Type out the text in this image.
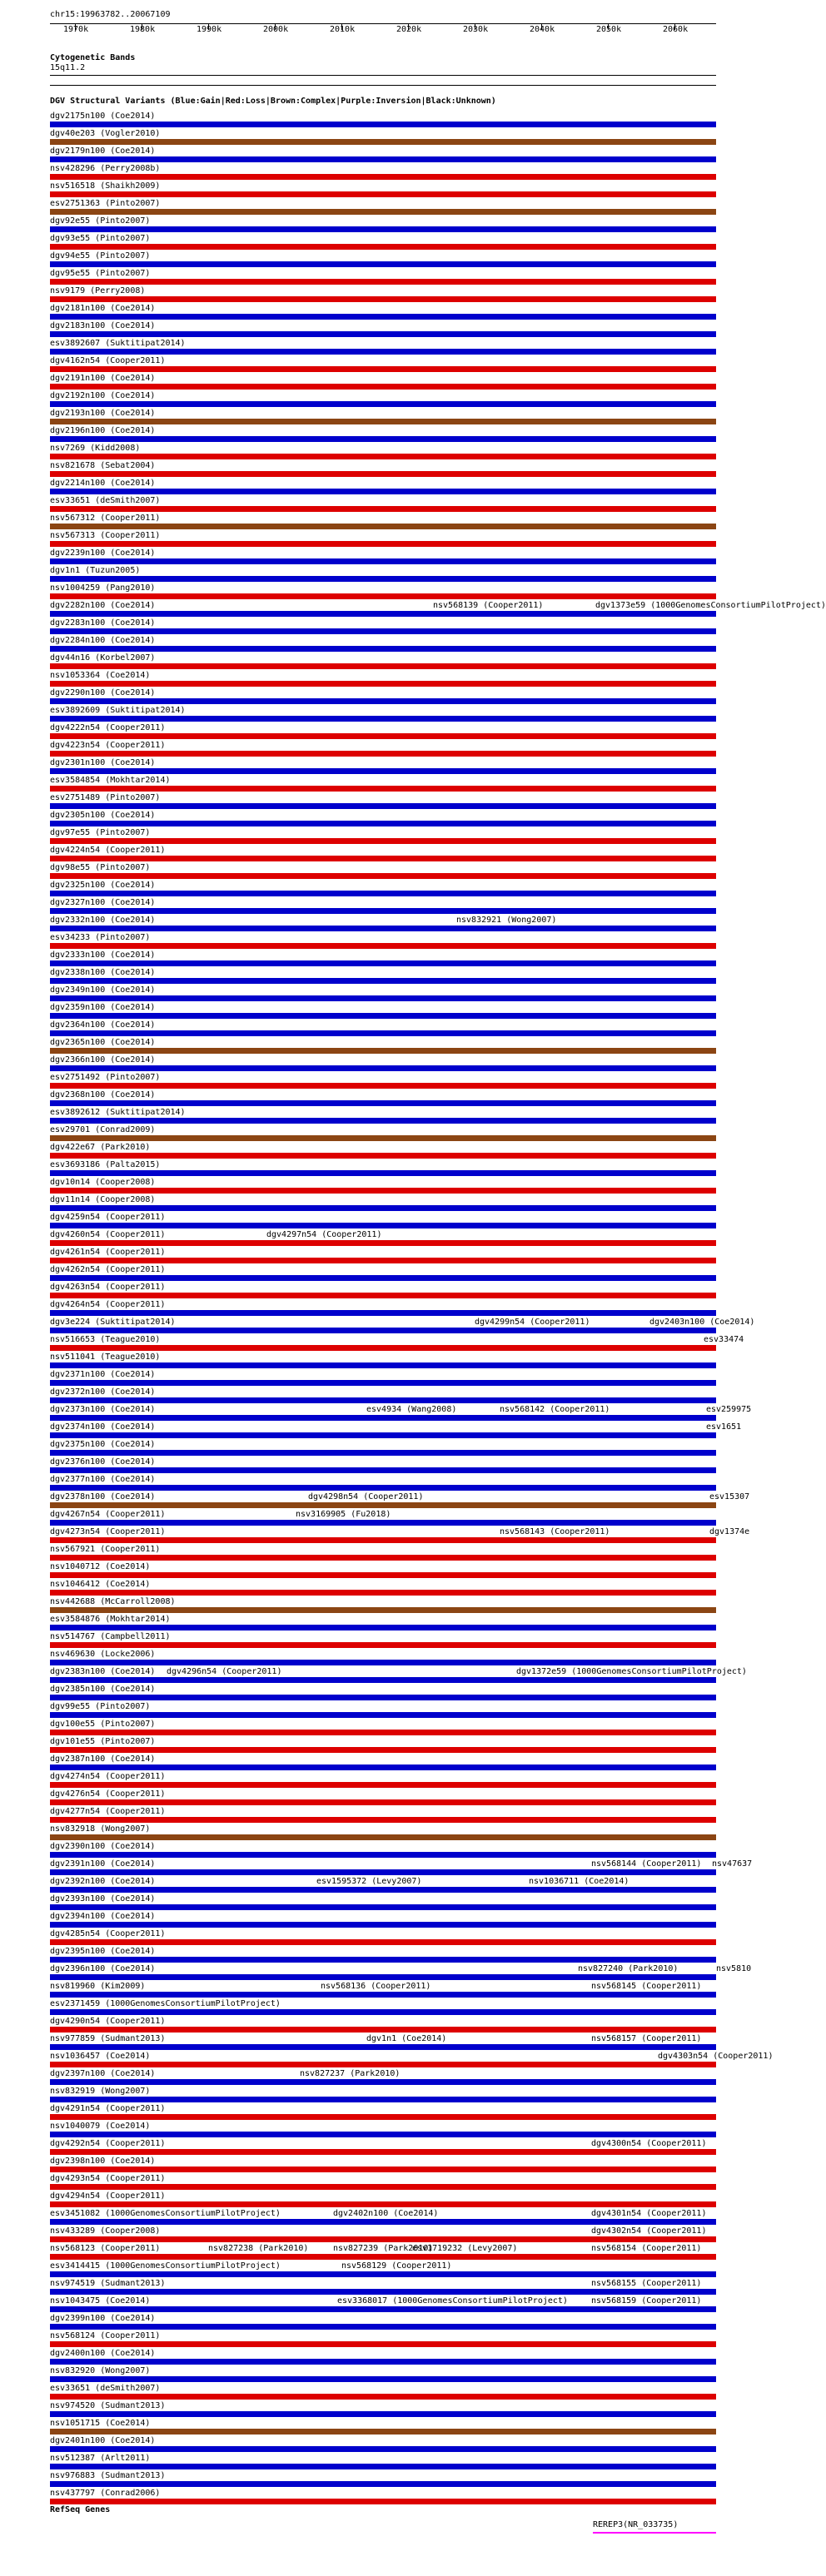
chr15:19963782..20067109
1970k	1980k	1990k	2000k	2010k	2020k	2030k	2040k	2050k	2060k
Cytogenetic Bands
15q11.2
DGV Structural Variants (Blue:Gain|Red:Loss|Brown:Complex|Purple:Inversion|Black:Unknown)
dgv2175n100 (Coe2014)
dgv40e203 (Vogler2010)
dgv2179n100 (Coe2014)
nsv428296 (Perry2008b)
nsv516518 (Shaikh2009)
esv2751363 (Pinto2007)
dgv92e55 (Pinto2007)
dgv93e55 (Pinto2007)
dgv94e55 (Pinto2007)
dgv95e55 (Pinto2007)
nsv9179 (Perry2008)
dgv2181n100 (Coe2014)
dgv2183n100 (Coe2014)
esv3892607 (Suktitipat2014)
dgv4162n54 (Cooper2011)
dgv2191n100 (Coe2014)
dgv2192n100 (Coe2014)
dgv2193n100 (Coe2014)
dgv2196n100 (Coe2014)
nsv7269 (Kidd2008)
nsv821678 (Sebat2004)
dgv2214n100 (Coe2014)
esv33651 (deSmith2007)
nsv567312 (Cooper2011)
nsv567313 (Cooper2011)
dgv2239n100 (Coe2014)
dgv1n1 (Tuzun2005)
nsv1004259 (Pang2010)
dgv2282n100 (Coe2014)
dgv2283n100 (Coe2014)
dgv2284n100 (Coe2014)
dgv44n16 (Korbel2007)
nsv1053364 (Coe2014)
dgv2290n100 (Coe2014)
esv3892609 (Suktitipat2014)
dgv4222n54 (Cooper2011)
dgv4223n54 (Cooper2011)
dgv2301n100 (Coe2014)
esv3584854 (Mokhtar2014)
esv2751489 (Pinto2007)
dgv2305n100 (Coe2014)
dgv97e55 (Pinto2007)
dgv4224n54 (Cooper2011)
dgv98e55 (Pinto2007)
dgv2325n100 (Coe2014)
dgv2327n100 (Coe2014)
dgv2332n100 (Coe2014)
esv34233 (Pinto2007)
dgv2333n100 (Coe2014)
dgv2338n100 (Coe2014)
dgv2349n100 (Coe2014)
dgv2359n100 (Coe2014)
dgv2364n100 (Coe2014)
dgv2365n100 (Coe2014)
dgv2366n100 (Coe2014)
esv2751492 (Pinto2007)
dgv2368n100 (Coe2014)
esv3892612 (Suktitipat2014)
esv29701 (Conrad2009)
dgv422e67 (Park2010)
esv3693186 (Palta2015)
dgv10n14 (Cooper2008)
dgv11n14 (Cooper2008)
dgv4259n54 (Cooper2011)
dgv4260n54 (Cooper2011)
dgv4261n54 (Cooper2011)
dgv4262n54 (Cooper2011)
dgv4263n54 (Cooper2011)
dgv4264n54 (Cooper2011)
dgv3e224 (Suktitipat2014)
nsv516653 (Teague2010)
nsv511041 (Teague2010)
dgv2371n100 (Coe2014)
dgv2372n100 (Coe2014)
dgv2373n100 (Coe2014)
dgv2374n100 (Coe2014)
dgv2375n100 (Coe2014)
dgv2376n100 (Coe2014)
dgv2377n100 (Coe2014)
dgv2378n100 (Coe2014)
dgv4267n54 (Cooper2011)
dgv4273n54 (Cooper2011)
nsv567921 (Cooper2011)
nsv1040712 (Coe2014)
nsv1046412 (Coe2014)
nsv442688 (McCarroll2008)
esv3584876 (Mokhtar2014)
nsv514767 (Campbell2011)
nsv469630 (Locke2006)
dgv2383n100 (Coe2014)
dgv2385n100 (Coe2014)
dgv99e55 (Pinto2007)
dgv100e55 (Pinto2007)
dgv101e55 (Pinto2007)
dgv2387n100 (Coe2014)
dgv4274n54 (Cooper2011)
dgv4276n54 (Cooper2011)
dgv4277n54 (Cooper2011)
nsv832918 (Wong2007)
dgv2390n100 (Coe2014)
dgv2391n100 (Coe2014)
dgv2392n100 (Coe2014)
dgv2393n100 (Coe2014)
dgv2394n100 (Coe2014)
dgv4285n54 (Cooper2011)
dgv2395n100 (Coe2014)
dgv2396n100 (Coe2014)
nsv819960 (Kim2009)
esv2371459 (1000GenomesConsortiumPilotProject)
dgv4290n54 (Cooper2011)
nsv977859 (Sudmant2013)
nsv1036457 (Coe2014)
dgv2397n100 (Coe2014)
nsv832919 (Wong2007)
dgv4291n54 (Cooper2011)
nsv1040079 (Coe2014)
dgv4292n54 (Cooper2011)
dgv2398n100 (Coe2014)
dgv4293n54 (Cooper2011)
dgv4294n54 (Cooper2011)
esv3451082 (1000GenomesConsortiumPilotProject)
nsv433289 (Cooper2008)
nsv568123 (Cooper2011)
esv3414415 (1000GenomesConsortiumPilotProject)
nsv974519 (Sudmant2013)
nsv1043475 (Coe2014)
dgv2399n100 (Coe2014)
nsv568124 (Cooper2011)
dgv2400n100 (Coe2014)
nsv832920 (Wong2007)
esv33651 (deSmith2007)
nsv974520 (Sudmant2013)
nsv1051715 (Coe2014)
dgv2401n100 (Coe2014)
nsv512387 (Arlt2011)
nsv976883 (Sudmant2013)
nsv437797 (Conrad2006)
nsv568139 (Cooper2011)	dgv1373e59 (1000GenomesConsortiumPilotProject)
nsv832921 (Wong2007)
dgv4297n54 (Cooper2011)
dgv4299n54 (Cooper2011)	dgv2403n100 (Coe2014)
esv33474
esv4934 (Wang2008)	nsv568142 (Cooper2011)	esv259975
esv1651
dgv4298n54 (Cooper2011)
nsv3169905 (Fu2018)
esv15307
nsv568143 (Cooper2011)	dgv1374e
dgv4296n54 (Cooper2011)	dgv1372e59 (1000GenomesConsortiumPilotProject)
nsv568144 (Cooper2011) nsv47637
esv1595372 (Levy2007)	nsv1036711 (Coe2014)
nsv827240 (Park2010)	nsv5810
nsv568136 (Cooper2011)	nsv568145 (Cooper2011)
nsv568157 (Cooper2011)
dgv4303n54 (Cooper2011)
nsv827237 (Park2010)
dgv4300n54 (Cooper2011)
dgv4301n54 (Cooper2011)
dgv2402n100 (Coe2014)
dgv4302n54 (Cooper2011)
nsv827238 (Park2010)	nsv827239 (Park2010)
esv1719232 (Levy2007)	nsv568154 (Cooper2011)
nsv568129 (Cooper2011)
nsv568155 (Cooper2011)
esv3368017 (1000GenomesConsortiumPilotProject)	nsv568159 (Cooper2011)
dgv1n1 (Coe2014)
RefSeq Genes
REREP3(NR_033735)
